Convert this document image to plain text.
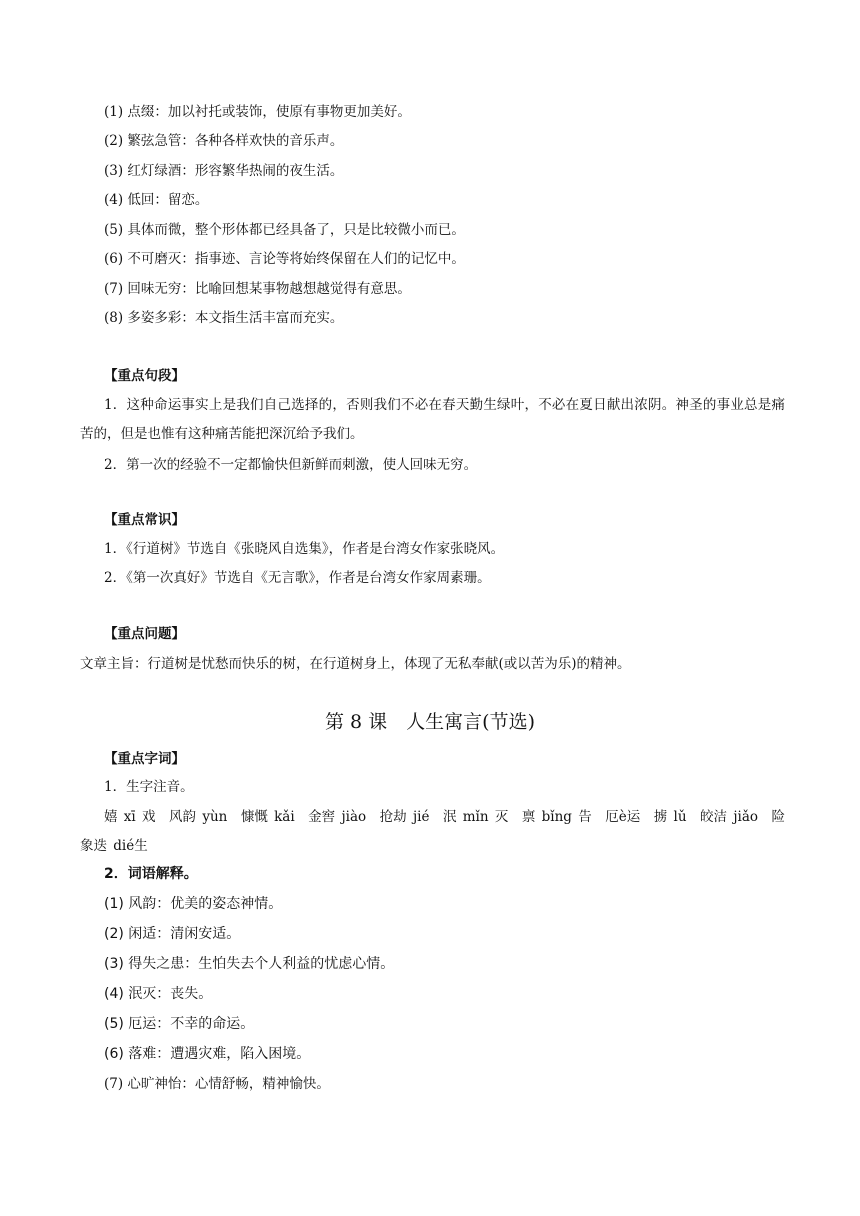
(1) 点缀：加以衬托或装饰，使原有事物更加美好。
(2) 繁弦急管：各种各样欢快的音乐声。
(3) 红灯绿酒：形容繁华热闹的夜生活。
(4) 低回：留恋。
(5) 具体而微，整个形体都已经具备了，只是比较微小而已。
(6) 不可磨灭：指事迹、言论等将始终保留在人们的记忆中。
(7) 回味无穷：比喻回想某事物越想越觉得有意思。
(8) 多姿多彩：本文指生活丰富而充实。
【重点句段】
1．这种命运事实上是我们自己选择的，否则我们不必在春天勤生绿叶，不必在夏日献出浓阴。神圣的事业总是痛苦的，但是也惟有这种痛苦能把深沉给予我们。
2．第一次的经验不一定都愉快但新鲜而刺激，使人回味无穷。
【重点常识】
1．《行道树》节选自《张晓风自选集》，作者是台湾女作家张晓风。
2．《第一次真好》节选自《无言歌》，作者是台湾女作家周素珊。
【重点问题】
文章主旨：行道树是忧愁而快乐的树，在行道树身上，体现了无私奉献(或以苦为乐)的精神。
第 8 课　人生寓言(节选)
【重点字词】
1．生字注音。
嬉 xī 戏　风韵 yùn　慷慨 kǎi　金窖 jiào　抢劫 jié　泯 mǐn 灭　禀 bǐng 告　厄è运　掳 lǔ　皎洁 jiǎo　险象迭 dié生
2．词语解释。
(1) 风韵：优美的姿态神情。
(2) 闲适：清闲安适。
(3) 得失之患：生怕失去个人利益的忧虑心情。
(4) 泯灭：丧失。
(5) 厄运：不幸的命运。
(6) 落难：遭遇灾难，陷入困境。
(7) 心旷神怡：心情舒畅，精神愉快。
